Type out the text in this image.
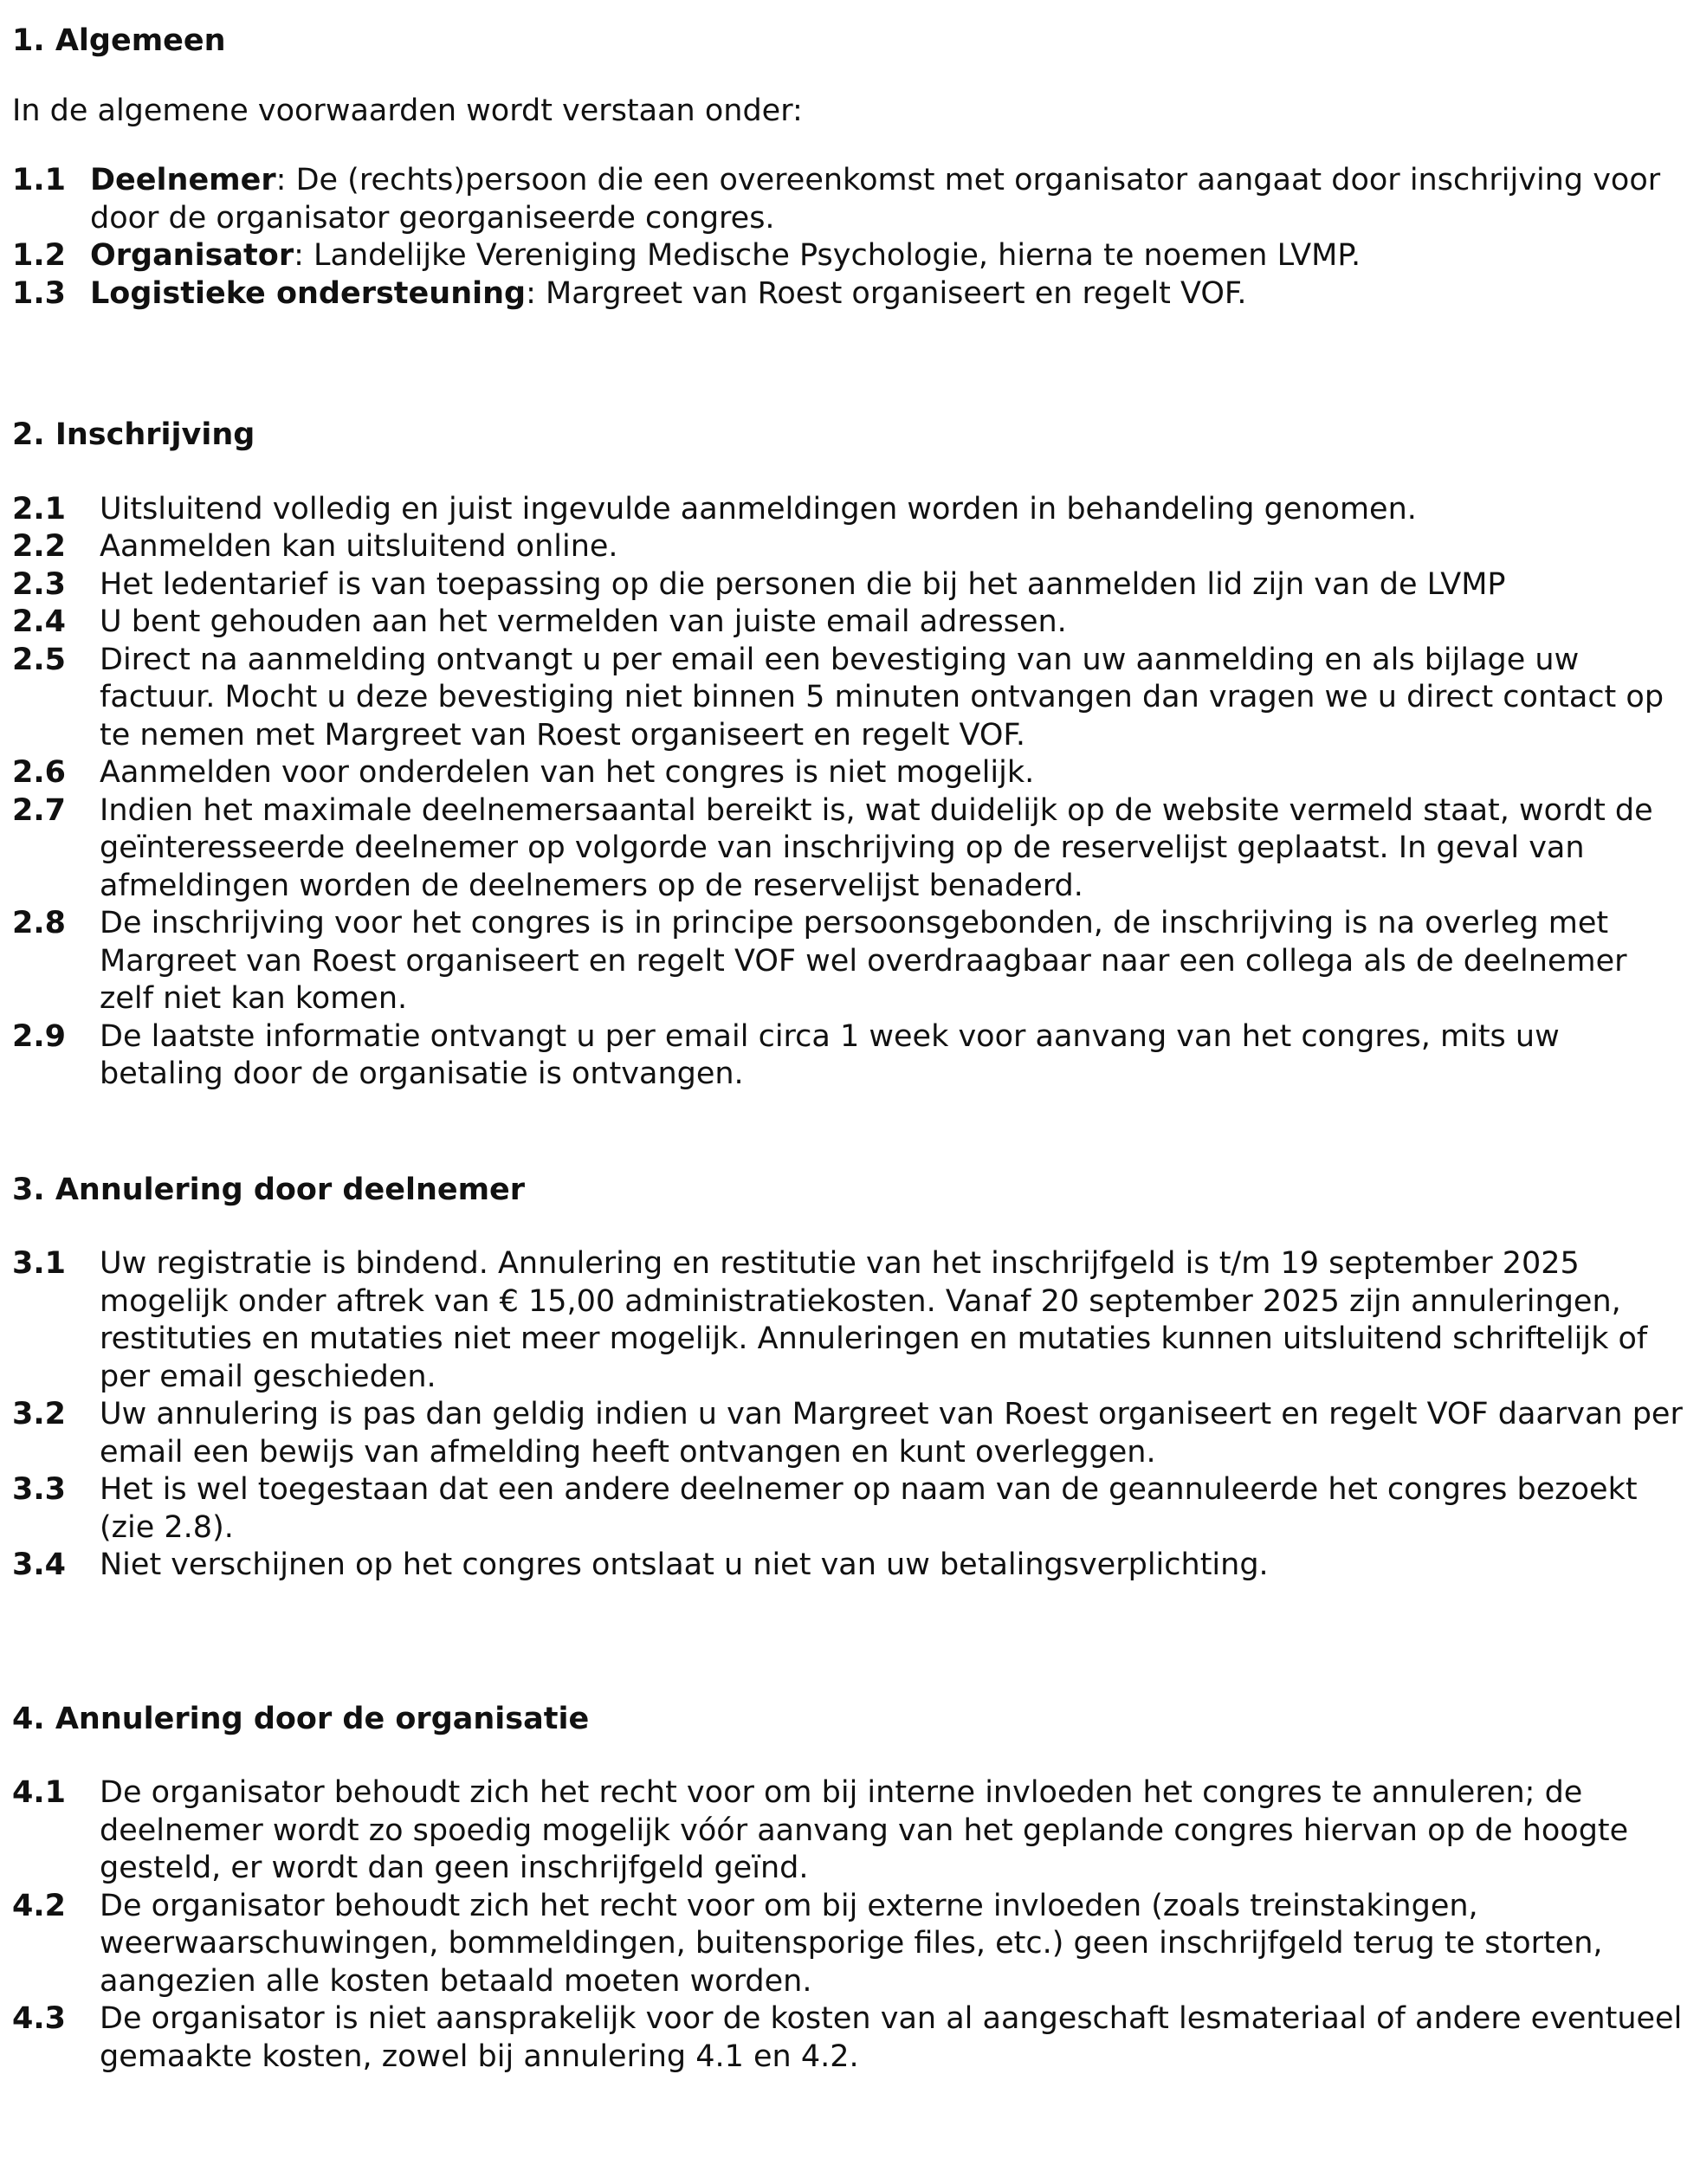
1. Algemeen

In de algemene voorwaarden wordt verstaan onder:

1.1 Deelnemer: De (rechts)persoon die een overeenkomst met organisator aangaat door inschrijving voor door de organisator georganiseerde congres.
1.2 Organisator: Landelijke Vereniging Medische Psychologie, hierna te noemen LVMP.
1.3 Logistieke ondersteuning: Margreet van Roest organiseert en regelt VOF.

2. Inschrijving

2.1	Uitsluitend volledig en juist ingevulde aanmeldingen worden in behandeling genomen.
2.2	Aanmelden kan uitsluitend online.
2.3	Het ledentarief is van toepassing op die personen die bij het aanmelden lid zijn van de LVMP
2.4	U bent gehouden aan het vermelden van juiste email adressen.
2.5	Direct na aanmelding ontvangt u per email een bevestiging van uw aanmelding en als bijlage uw factuur. Mocht u deze bevestiging niet binnen 5 minuten ontvangen dan vragen we u direct contact op te nemen met Margreet van Roest organiseert en regelt VOF.
2.6	Aanmelden voor onderdelen van het congres is niet mogelijk.
2.7	Indien het maximale deelnemersaantal bereikt is, wat duidelijk op de website vermeld staat, wordt de geïnteresseerde deelnemer op volgorde van inschrijving op de reservelijst geplaatst. In geval van afmeldingen worden de deelnemers op de reservelijst benaderd.
2.8	De inschrijving voor het congres is in principe persoonsgebonden, de inschrijving is na overleg met Margreet van Roest organiseert en regelt VOF wel overdraagbaar naar een collega als de deelnemer zelf niet kan komen.
2.9	De laatste informatie ontvangt u per email circa 1 week voor aanvang van het congres, mits uw betaling door de organisatie is ontvangen.

3. Annulering door deelnemer

3.1	Uw registratie is bindend. Annulering en restitutie van het inschrijfgeld is t/m 19 september 2025 mogelijk onder aftrek van € 15,00 administratiekosten. Vanaf 20 september 2025 zijn annuleringen, restituties en mutaties niet meer mogelijk. Annuleringen en mutaties kunnen uitsluitend schriftelijk of per email geschieden.
3.2	Uw annulering is pas dan geldig indien u van Margreet van Roest organiseert en regelt VOF daarvan per email een bewijs van afmelding heeft ontvangen en kunt overleggen.
3.3	Het is wel toegestaan dat een andere deelnemer op naam van de geannuleerde het congres bezoekt (zie 2.8).
3.4	Niet verschijnen op het congres ontslaat u niet van uw betalingsverplichting.

4. Annulering door de organisatie

4.1	De organisator behoudt zich het recht voor om bij interne invloeden het congres te annuleren; de deelnemer wordt zo spoedig mogelijk vóór aanvang van het geplande congres hiervan op de hoogte gesteld, er wordt dan geen inschrijfgeld geïnd.
4.2	De organisator behoudt zich het recht voor om bij externe invloeden (zoals treinstakingen, weerwaarschuwingen, bommeldingen, buitensporige files, etc.) geen inschrijfgeld terug te storten, aangezien alle kosten betaald moeten worden.
4.3	De organisator is niet aansprakelijk voor de kosten van al aangeschaft lesmateriaal of andere eventueel gemaakte kosten, zowel bij annulering 4.1 en 4.2.
